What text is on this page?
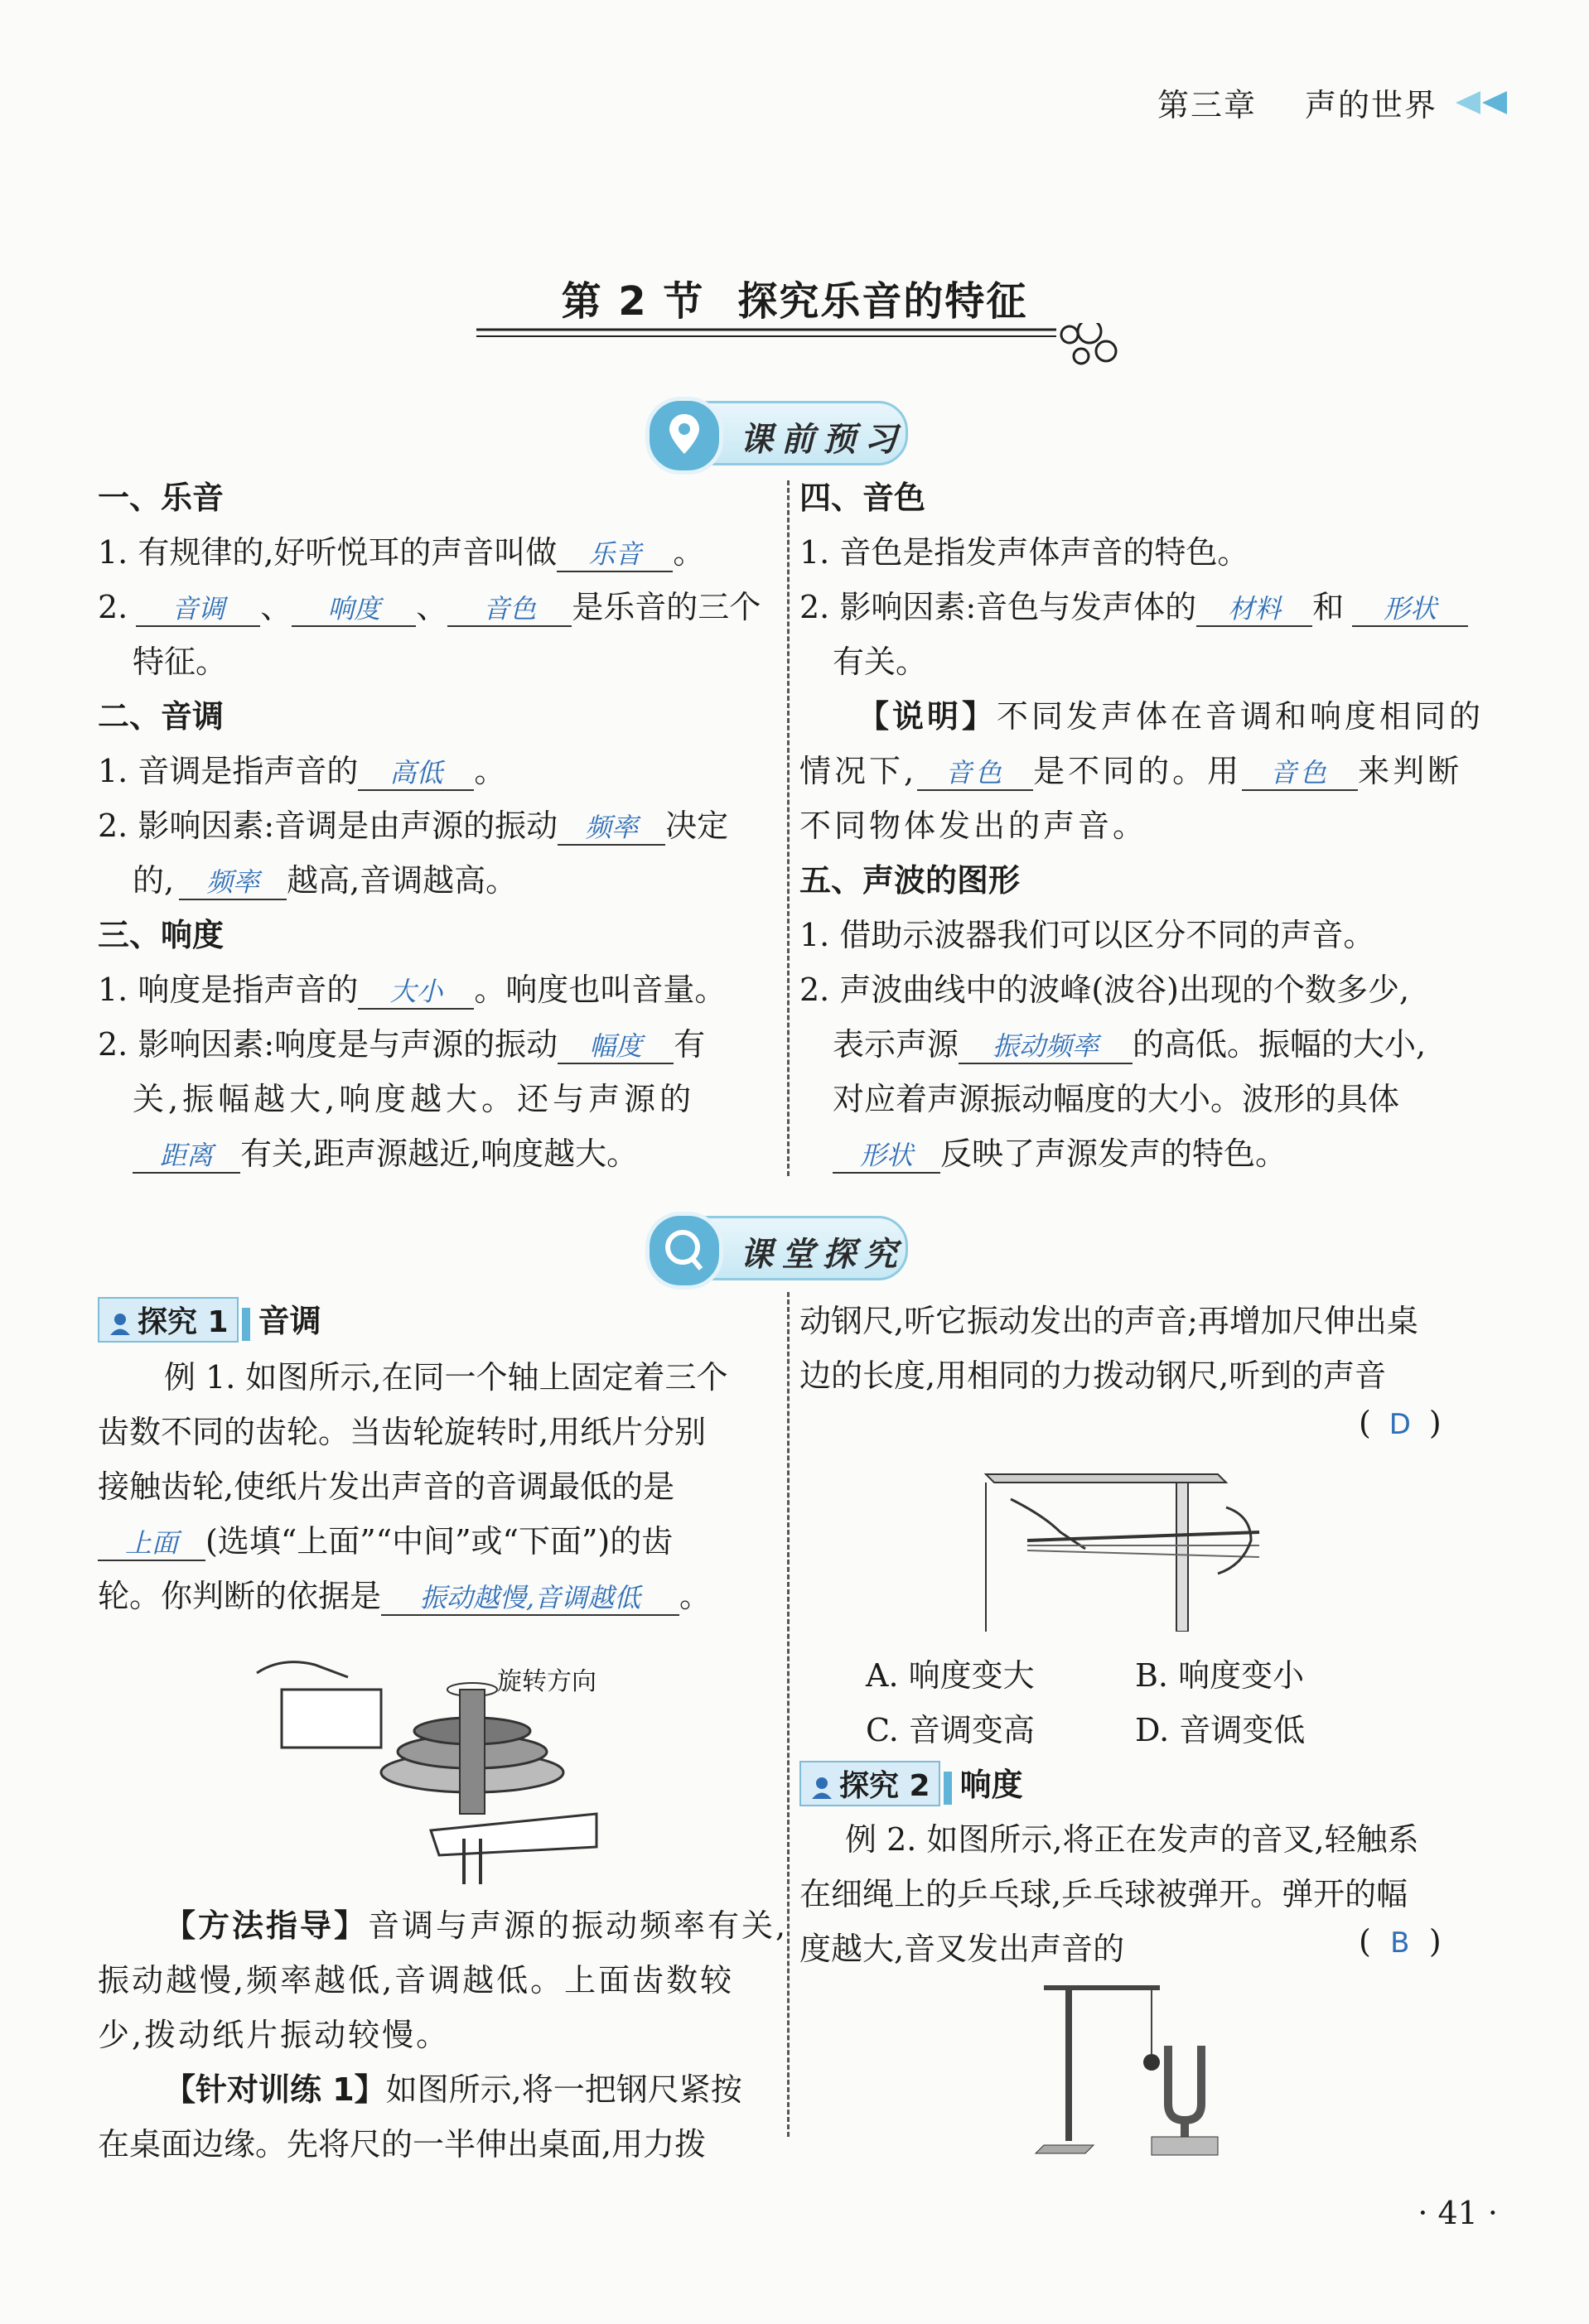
第三章 声的世界
第 2 节 探究乐音的特征
课前预习
一、乐音
1. 有规律的,好听悦耳的声音叫做 乐音 。
2. 音调 、 响度 、 音色 是乐音的三个
特征。
二、音调
1. 音调是指声音的 高低 。
2. 影响因素:音调是由声源的振动 频率 决定
的, 频率 越高,音调越高。
三、响度
1. 响度是指声音的 大小 。响度也叫音量。
2. 影响因素:响度是与声源的振动 幅度 有
关,振幅越大,响度越大。还与声源的
距离 有关,距声源越近,响度越大。
四、音色
1. 音色是指发声体声音的特色。
2. 影响因素:音色与发声体的 材料 和 形状
有关。
【说明】不同发声体在音调和响度相同的
情况下, 音色 是不同的。用 音色 来判断
不同物体发出的声音。
五、声波的图形
1. 借助示波器我们可以区分不同的声音。
2. 声波曲线中的波峰(波谷)出现的个数多少,
表示声源 振动频率 的高低。振幅的大小,
对应着声源振动幅度的大小。波形的具体
形状 反映了声源发声的特色。
课堂探究
探究 1 音调
例 1. 如图所示,在同一个轴上固定着三个
齿数不同的齿轮。当齿轮旋转时,用纸片分别
接触齿轮,使纸片发出声音的音调最低的是
上面 (选填“上面”“中间”或“下面”)的齿
轮。你判断的依据是 振动越慢,音调越低 。
旋转方向
【方法指导】音调与声源的振动频率有关,
振动越慢,频率越低,音调越低。上面齿数较
少,拨动纸片振动较慢。
【针对训练 1】如图所示,将一把钢尺紧按
在桌面边缘。先将尺的一半伸出桌面,用力拨
动钢尺,听它振动发出的声音;再增加尺伸出桌
边的长度,用相同的力拨动钢尺,听到的声音
( D )
A. 响度变大	B. 响度变小
C. 音调变高	D. 音调变低
探究 2 响度
例 2. 如图所示,将正在发声的音叉,轻触系
在细绳上的乒乓球,乒乓球被弹开。弹开的幅
度越大,音叉发出声音的	( B )
· 41 ·
